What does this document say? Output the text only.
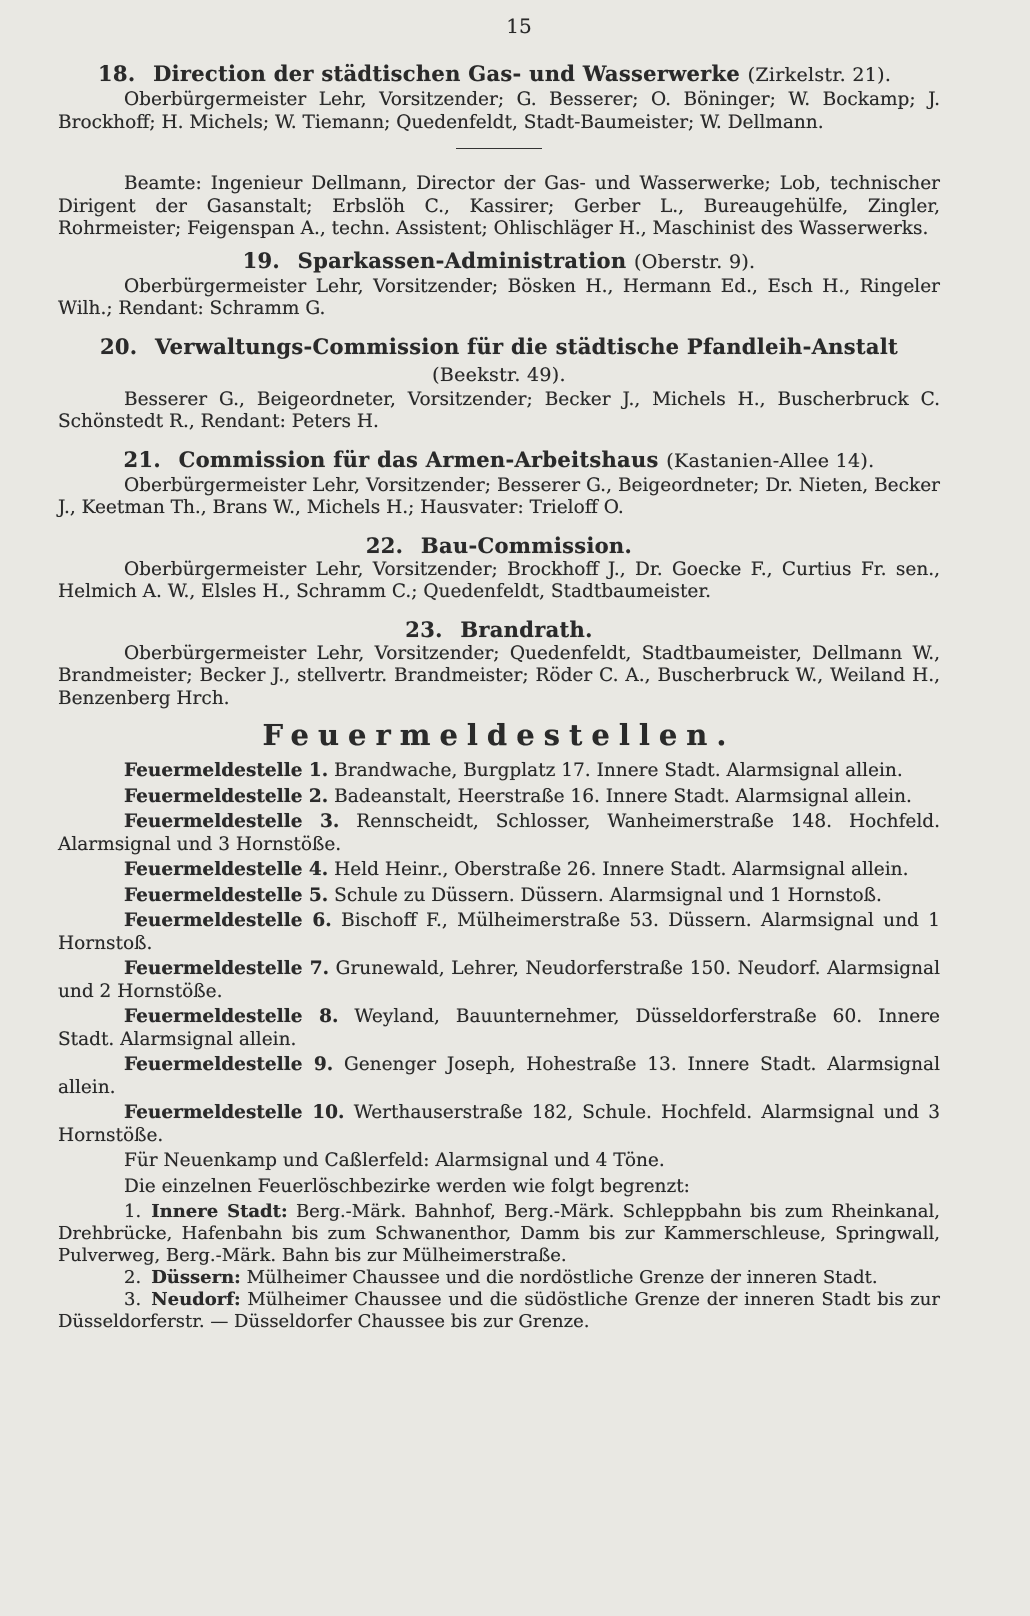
15
18. Direction der städtischen Gas- und Wasserwerke (Zirkelstr. 21).

Oberbürgermeister Lehr, Vorsitzender; G. Besserer; O. Böninger; W. Bockamp; J. Brockhoff; H. Michels; W. Tiemann; Quedenfeldt, Stadt-Baumeister; W. Dellmann.

Beamte: Ingenieur Dellmann, Director der Gas- und Wasserwerke; Lob, technischer Dirigent der Gasanstalt; Erbslöh C., Kassirer; Gerber L., Bureaugehülfe, Zingler, Rohrmeister; Feigenspan A., techn. Assistent; Ohlischläger H., Maschinist des Wasserwerks.

19. Sparkassen-Administration (Oberstr. 9).

Oberbürgermeister Lehr, Vorsitzender; Bösken H., Hermann Ed., Esch H., Ringeler Wilh.; Rendant: Schramm G.

20. Verwaltungs-Commission für die städtische Pfandleih-Anstalt
(Beekstr. 49).

Besserer G., Beigeordneter, Vorsitzender; Becker J., Michels H., Buscherbruck C. Schönstedt R., Rendant: Peters H.

21. Commission für das Armen-Arbeitshaus (Kastanien-Allee 14).

Oberbürgermeister Lehr, Vorsitzender; Besserer G., Beigeordneter; Dr. Nieten, Becker J., Keetman Th., Brans W., Michels H.; Hausvater: Trieloff O.

22. Bau-Commission.

Oberbürgermeister Lehr, Vorsitzender; Brockhoff J., Dr. Goecke F., Curtius Fr. sen., Helmich A. W., Elsles H., Schramm C.; Quedenfeldt, Stadtbaumeister.

23. Brandrath.

Oberbürgermeister Lehr, Vorsitzender; Quedenfeldt, Stadtbaumeister, Dellmann W., Brandmeister; Becker J., stellvertr. Brandmeister; Röder C. A., Buscherbruck W., Weiland H., Benzenberg Hrch.

Feuermeldestellen.

Feuermeldestelle 1. Brandwache, Burgplatz 17. Innere Stadt. Alarmsignal allein.

Feuermeldestelle 2. Badeanstalt, Heerstraße 16. Innere Stadt. Alarmsignal allein.

Feuermeldestelle 3. Rennscheidt, Schlosser, Wanheimerstraße 148. Hochfeld. Alarmsignal und 3 Hornstöße.

Feuermeldestelle 4. Held Heinr., Oberstraße 26. Innere Stadt. Alarmsignal allein.

Feuermeldestelle 5. Schule zu Düssern. Düssern. Alarmsignal und 1 Hornstoß.

Feuermeldestelle 6. Bischoff F., Mülheimerstraße 53. Düssern. Alarmsignal und 1 Hornstoß.

Feuermeldestelle 7. Grunewald, Lehrer, Neudorferstraße 150. Neudorf. Alarmsignal und 2 Hornstöße.

Feuermeldestelle 8. Weyland, Bauunternehmer, Düsseldorferstraße 60. Innere Stadt. Alarmsignal allein.

Feuermeldestelle 9. Genenger Joseph, Hohestraße 13. Innere Stadt. Alarmsignal allein.

Feuermeldestelle 10. Werthauserstraße 182, Schule. Hochfeld. Alarmsignal und 3 Hornstöße.

Für Neuenkamp und Caßlerfeld: Alarmsignal und 4 Töne.

Die einzelnen Feuerlöschbezirke werden wie folgt begrenzt:

1. Innere Stadt: Berg.-Märk. Bahnhof, Berg.-Märk. Schleppbahn bis zum Rheinkanal, Drehbrücke, Hafenbahn bis zum Schwanenthor, Damm bis zur Kammerschleuse, Springwall, Pulverweg, Berg.-Märk. Bahn bis zur Mülheimerstraße.

2. Düssern: Mülheimer Chaussee und die nordöstliche Grenze der inneren Stadt.

3. Neudorf: Mülheimer Chaussee und die südöstliche Grenze der inneren Stadt bis zur Düsseldorferstr. — Düsseldorfer Chaussee bis zur Grenze.
